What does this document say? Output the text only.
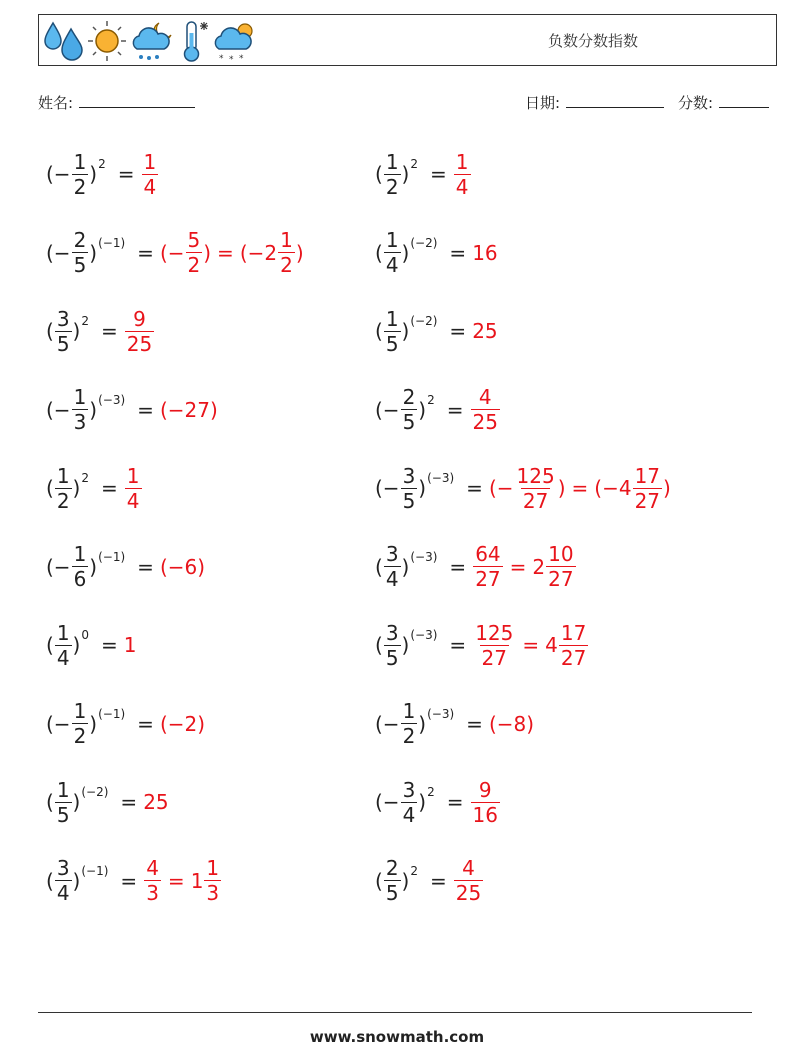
* * *
负数分数指数
姓名:	日期:	分数:
(− $\frac{1}{2}$ ) $2 = \frac{1}{4}$	( $\frac{1}{2}$ ) $2 = \frac{1}{4}$
(− $\frac{2}{5}$ ) (−1) = (− $\frac{5}{2}$ ) = ($-2 \frac{1}{2}$ )	( $\frac{1}{4}$ ) (−2) = 16
( $\frac{3}{5}$ ) $2 = \frac{9}{25}$	( $\frac{1}{5}$ ) (−2) = 25
(− $\frac{1}{3}$ ) (−3) = (−27)	(− $\frac{2}{5}$ ) $2 = \frac{4}{25}$
( $\frac{1}{2}$ ) $2 = \frac{1}{4}$	(− $\frac{3}{5}$ ) (−3) = (− $\frac{125}{27}$ ) = ($-4 \frac{17}{27}$ )
(− $\frac{1}{6}$ ) (−1) = (−6)	( $\frac{3}{4}$ ) $(-3) = \frac{64}{27} = 2 \frac{10}{27}$
( $\frac{1}{4}$ ) 0 = 1	( $\frac{3}{5}$ ) $(-3) = \frac{125}{27} = 4 \frac{17}{27}$
(− $\frac{1}{2}$ ) (−1) = (−2)	(− $\frac{1}{2}$ ) (−3) = (−8)
( $\frac{1}{5}$ ) (−2) = 25	(− $\frac{3}{4}$ ) $2 = \frac{9}{16}$
( $\frac{3}{4}$ ) $(-1) = \frac{4}{3} = 1 \frac{1}{3}$	( $\frac{2}{5}$ ) $2 = \frac{4}{25}$
www.snowmath.com
